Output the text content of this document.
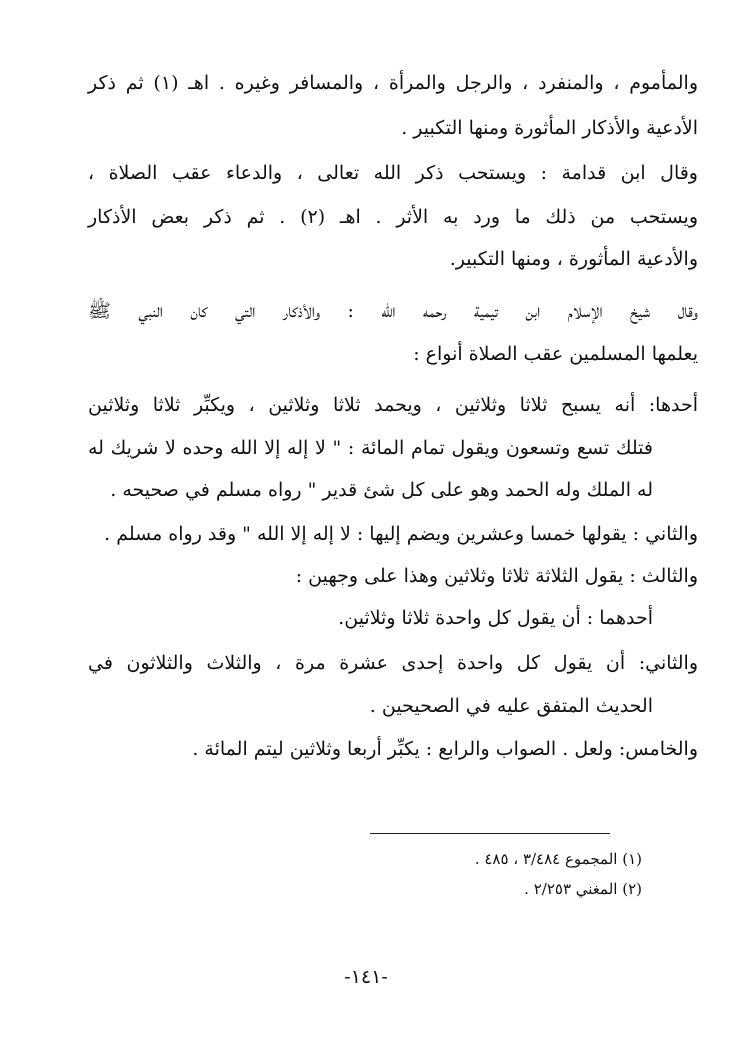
والمأموم ، والمنفرد ، والرجل والمرأة ، والمسافر وغيره . اهـ (١) ثم ذكر
الأدعية والأذكار المأثورة ومنها التكبير .
وقال ابن قدامة : ويستحب ذكر الله تعالى ، والدعاء عقب الصلاة ،
ويستحب من ذلك ما ورد به الأثر . اهـ (٢) . ثم ذكر بعض الأذكار
والأدعية المأثورة ، ومنها التكبير.
وقال شيخ الإسلام ابن تيمية رحمه الله : والأذكار التي كان النبي ﷺ
يعلمها المسلمين عقب الصلاة أنواع :
أحدها: أنه يسبح ثلاثا وثلاثين ، ويحمد ثلاثا وثلاثين ، ويكبِّر ثلاثا وثلاثين
فتلك تسع وتسعون ويقول تمام المائة : " لا إله إلا الله وحده لا شريك له
له الملك وله الحمد وهو على كل شئ قدير " رواه مسلم في صحيحه .
والثاني : يقولها خمسا وعشرين ويضم إليها : لا إله إلا الله " وقد رواه مسلم .
والثالث : يقول الثلاثة ثلاثا وثلاثين وهذا على وجهين :
أحدهما : أن يقول كل واحدة ثلاثا وثلاثين.
والثاني: أن يقول كل واحدة إحدى عشرة مرة ، والثلاث والثلاثون في
الحديث المتفق عليه في الصحيحين .
والخامس: ولعل . الصواب والرابع : يكبِّر أربعا وثلاثين ليتم المائة .
(١) المجموع ٣/٤٨٤ ، ٤٨٥ .
(٢) المغني ٢/٢٥٣ .
-١٤١-
